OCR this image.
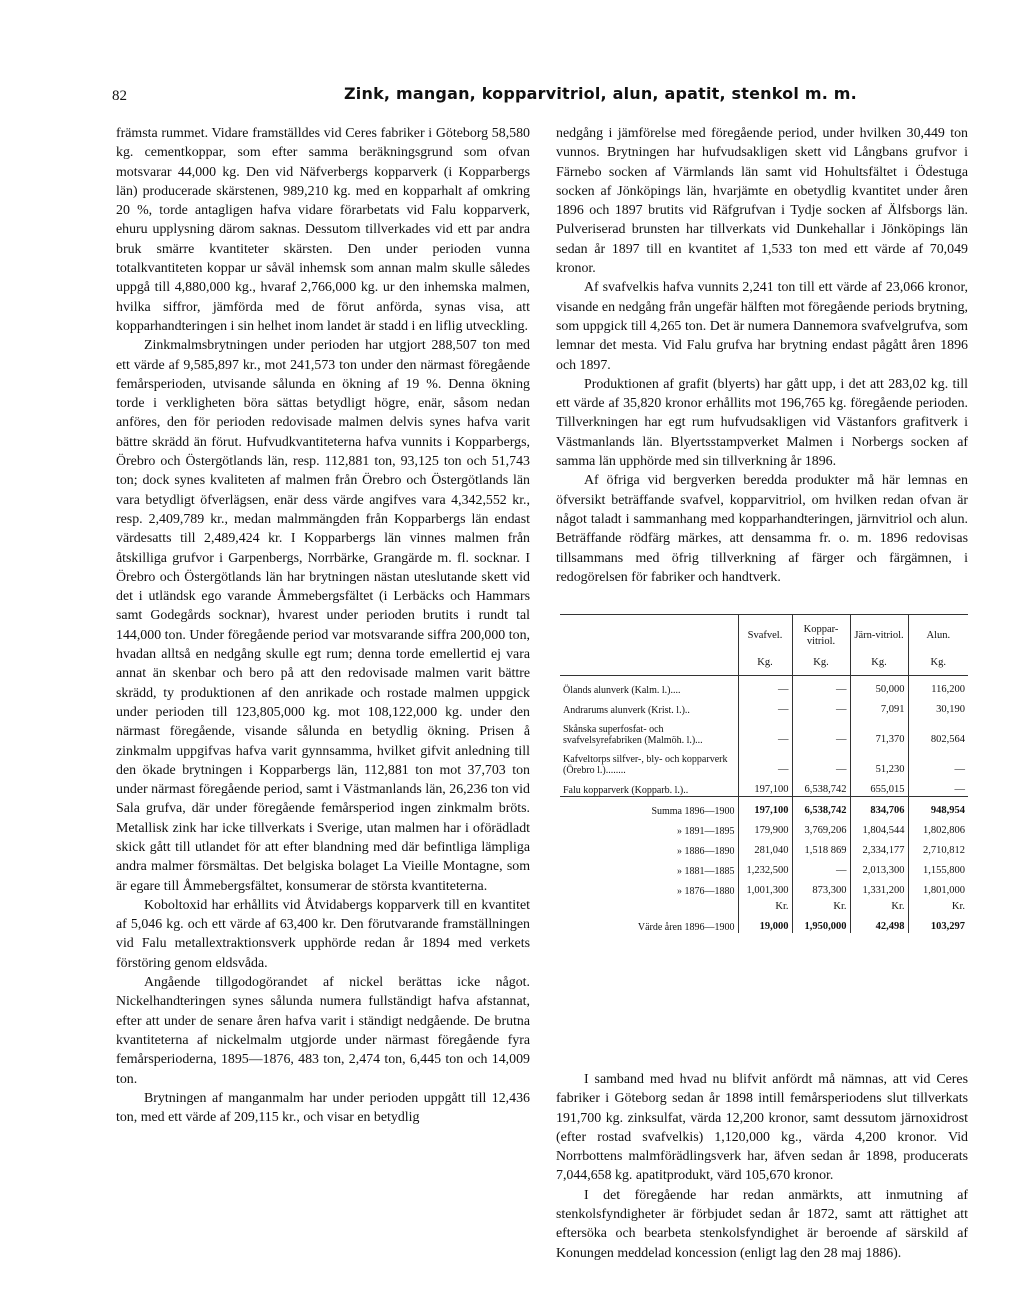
82	Zink, mangan, kopparvitriol, alun, apatit, stenkol m. m.

främsta rummet. Vidare framställdes vid Ceres fabriker i Göteborg 58,580 kg. cementkoppar, som efter samma beräkningsgrund som ofvan motsvarar 44,000 kg. Den vid Näfverbergs kopparverk (i Kopparbergs län) producerade skärstenen, 989,210 kg. med en kopparhalt af omkring 20 %, torde antagligen hafva vidare förarbetats vid Falu kopparverk, ehuru upplysning därom saknas. Dessutom tillverkades vid ett par andra bruk smärre kvantiteter skärsten. Den under perioden vunna totalkvantiteten koppar ur såväl inhemsk som annan malm skulle således uppgå till 4,880,000 kg., hvaraf 2,766,000 kg. ur den inhemska malmen, hvilka siffror, jämförda med de förut anförda, synas visa, att kopparhandteringen i sin helhet inom landet är stadd i en liflig utveckling.

Zinkmalmsbrytningen under perioden har utgjort 288,507 ton med ett värde af 9,585,897 kr., mot 241,573 ton under den närmast föregående femårsperioden, utvisande sålunda en ökning af 19 %. Denna ökning torde i verkligheten böra sättas betydligt högre, enär, såsom nedan anföres, den för perioden redovisade malmen delvis synes hafva varit bättre skrädd än förut. Hufvudkvantiteterna hafva vunnits i Kopparbergs, Örebro och Östergötlands län, resp. 112,881 ton, 93,125 ton och 51,743 ton; dock synes kvaliteten af malmen från Örebro och Östergötlands län vara betydligt öfverlägsen, enär dess värde angifves vara 4,342,552 kr., resp. 2,409,789 kr., medan malmmängden från Kopparbergs län endast värdesatts till 2,489,424 kr. I Kopparbergs län vinnes malmen från åtskilliga grufvor i Garpenbergs, Norrbärke, Grangärde m. fl. socknar. I Örebro och Östergötlands län har brytningen nästan uteslutande skett vid det i utländsk ego varande Åmmebergsfältet (i Lerbäcks och Hammars samt Godegårds socknar), hvarest under perioden brutits i rundt tal 144,000 ton. Under föregående period var motsvarande siffra 200,000 ton, hvadan alltså en nedgång skulle egt rum; denna torde emellertid ej vara annat än skenbar och bero på att den redovisade malmen varit bättre skrädd, ty produktionen af den anrikade och rostade malmen uppgick under perioden till 123,805,000 kg. mot 108,122,000 kg. under den närmast föregående, visande sålunda en betydlig ökning. Prisen å zinkmalm uppgifvas hafva varit gynnsamma, hvilket gifvit anledning till den ökade brytningen i Kopparbergs län, 112,881 ton mot 37,703 ton under närmast föregående period, samt i Västmanlands län, 26,236 ton vid Sala grufva, där under föregående femårsperiod ingen zinkmalm bröts. Metallisk zink har icke tillverkats i Sverige, utan malmen har i oförädladt skick gått till utlandet för att efter blandning med där befintliga lämpliga andra malmer försmältas. Det belgiska bolaget La Vieille Montagne, som är egare till Åmmebergsfältet, konsumerar de största kvantiteterna.

Koboltoxid har erhållits vid Åtvidabergs kopparverk till en kvantitet af 5,046 kg. och ett värde af 63,400 kr. Den förutvarande framställningen vid Falu metallextraktionsverk upphörde redan år 1894 med verkets förstöring genom eldsvåda.

Angående tillgodogörandet af nickel berättas icke något. Nickelhandteringen synes sålunda numera fullständigt hafva afstannat, efter att under de senare åren hafva varit i ständigt nedgående. De brutna kvantiteterna af nickelmalm utgjorde under närmast föregående fyra femårsperioderna, 1895—1876, 483 ton, 2,474 ton, 6,445 ton och 14,009 ton.

Brytningen af manganmalm har under perioden uppgått till 12,436 ton, med ett värde af 209,115 kr., och visar en betydlig

nedgång i jämförelse med föregående period, under hvilken 30,449 ton vunnos. Brytningen har hufvudsakligen skett vid Långbans grufvor i Färnebo socken af Värmlands län samt vid Hohultsfältet i Ödestuga socken af Jönköpings län, hvarjämte en obetydlig kvantitet under åren 1896 och 1897 brutits vid Räfgrufvan i Tydje socken af Älfsborgs län. Pulveriserad brunsten har tillverkats vid Dunkehallar i Jönköpings län sedan år 1897 till en kvantitet af 1,533 ton med ett värde af 70,049 kronor.

Af svafvelkis hafva vunnits 2,241 ton till ett värde af 23,066 kronor, visande en nedgång från ungefär hälften mot föregående periods brytning, som uppgick till 4,265 ton. Det är numera Dannemora svafvelgrufva, som lemnar det mesta. Vid Falu grufva har brytning endast pågått åren 1896 och 1897.

Produktionen af grafit (blyerts) har gått upp, i det att 283,02 kg. till ett värde af 35,820 kronor erhållits mot 196,765 kg. föregående perioden. Tillverkningen har egt rum hufvudsakligen vid Västanfors grafitverk i Västmanlands län. Blyertsstampverket Malmen i Norbergs socken af samma län upphörde med sin tillverkning år 1896.

Af öfriga vid bergverken beredda produkter må här lemnas en öfversikt beträffande svafvel, kopparvitriol, om hvilken redan ofvan är något taladt i sammanhang med kopparhandteringen, järnvitriol och alun. Beträffande rödfärg märkes, att densamma fr. o. m. 1896 redovisas tillsammans med öfrig tillverkning af färger och färgämnen, i redogörelsen för fabriker och handtverk.

I samband med hvad nu blifvit anfördt må nämnas, att vid Ceres fabriker i Göteborg sedan år 1898 intill femårsperiodens slut tillverkats 191,700 kg. zinksulfat, värda 12,200 kronor, samt dessutom järnoxidrost (efter rostad svafvelkis) 1,120,000 kg., värda 4,200 kronor. Vid Norrbottens malmförädlingsverk har, äfven sedan år 1898, producerats 7,044,658 kg. apatitprodukt, värd 105,670 kronor.

I det föregående har redan anmärkts, att inmutning af stenkolsfyndigheter är förbjudet sedan år 1872, samt att rättighet att eftersöka och bearbeta stenkolsfyndighet är beroende af särskild af Konungen meddelad koncession (enligt lag den 28 maj 1886).

	Svafvel.	Koppar-vitriol.	Järn-vitriol.	Alun.
	Kg.	Kg.	Kg.	Kg.
Ölands alunverk (Kalm. l.)....	—	—	50,000	116,200
Andrarums alunverk (Krist. l.)..	—	—	7,091	30,190
Skånska superfosfat- och svafvelsyrefabriken (Malmöh. l.)...	—	—	71,370	802,564
Kafveltorps silfver-, bly- och kopparverk (Örebro l.)........	—	—	51,230	—
Falu kopparverk (Kopparb. l.)..	197,100	6,538,742	655,015	—
Summa 1896—1900	197,100	6,538,742	834,706	948,954
» 1891—1895	179,900	3,769,206	1,804,544	1,802,806
» 1886—1890	281,040	1,518 869	2,334,177	2,710,812
» 1881—1885	1,232,500	—	2,013,300	1,155,800
» 1876—1880	1,001,300	873,300	1,331,200	1,801,000
	Kr.	Kr.	Kr.	Kr.
Värde åren 1896—1900	19,000	1,950,000	42,498	103,297
